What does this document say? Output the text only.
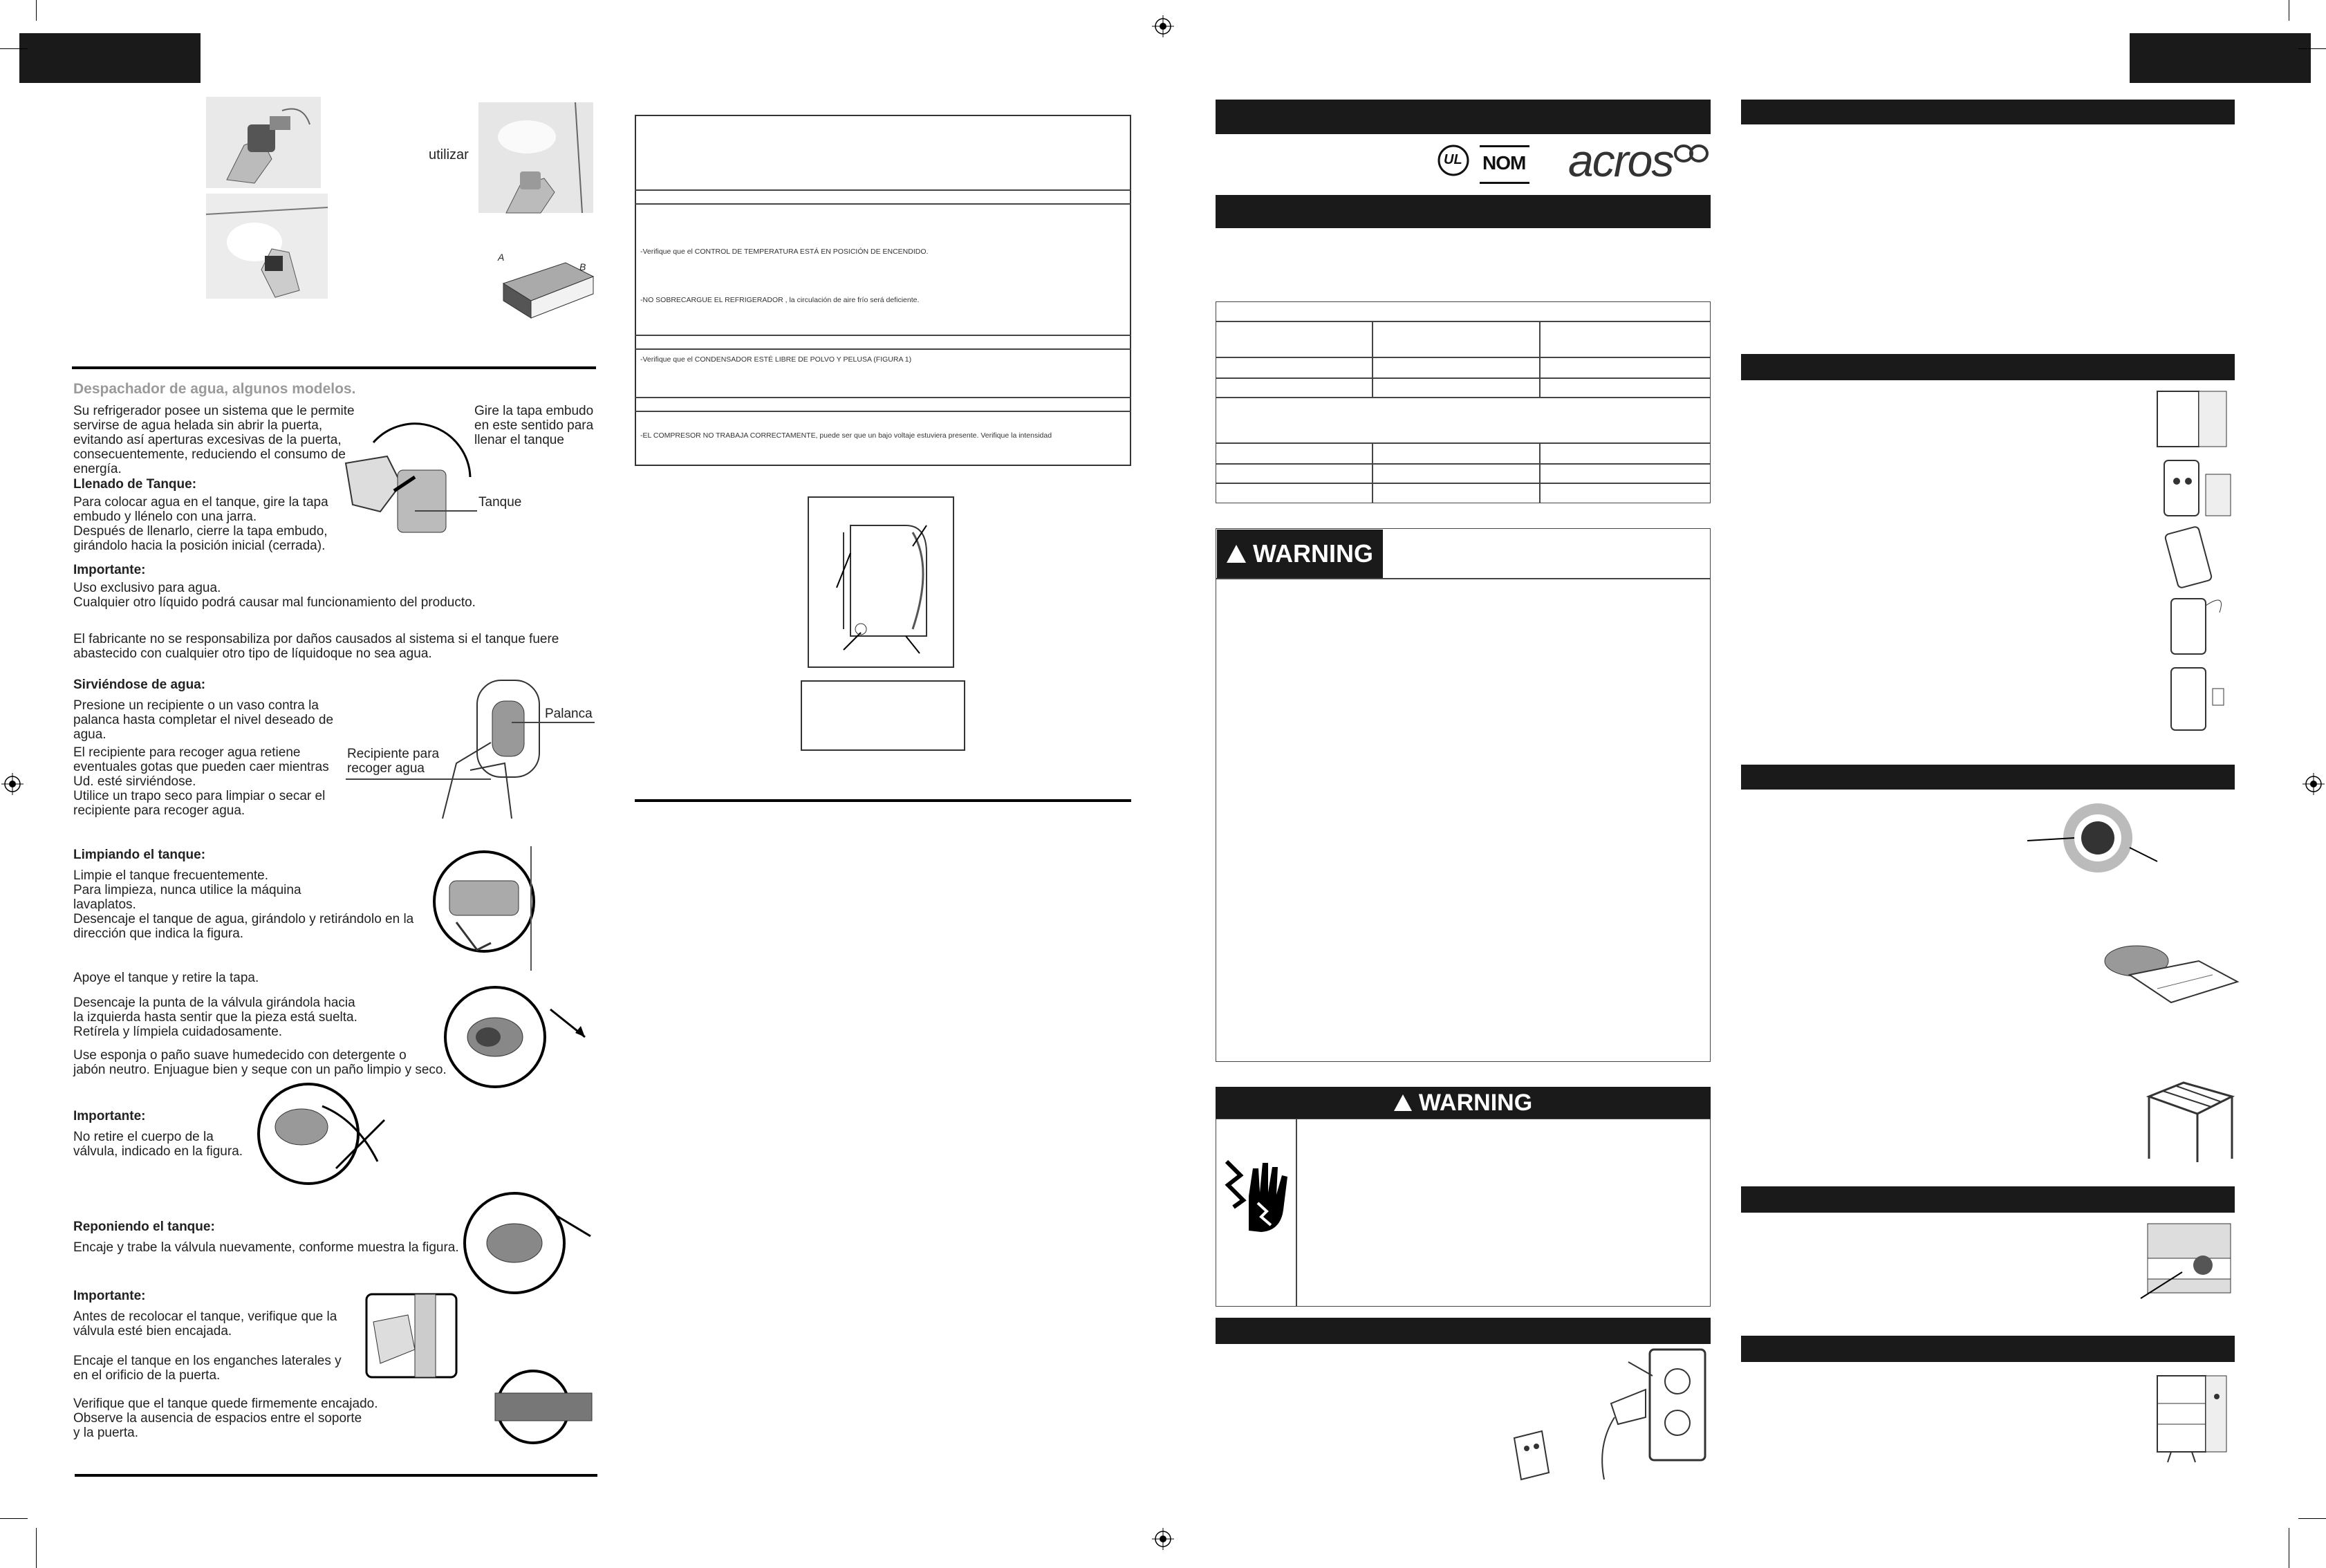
utilizar
A
B
Despachador de agua, algunos modelos.
Su refrigerador posee un sistema que le permite
servirse de agua helada sin abrir la puerta,
evitando así aperturas excesivas de la puerta,
consecuentemente, reduciendo el consumo de
energía.
Gire la tapa embudo
en este sentido para
llenar el tanque
Tanque
Llenado de Tanque:
Para colocar agua en el tanque, gire la tapa
embudo y llénelo con una jarra.
Después de llenarlo, cierre la tapa embudo,
girándolo hacia la posición inicial (cerrada).
Importante:
Uso exclusivo para agua.
Cualquier otro líquido podrá causar mal funcionamiento del producto.
El fabricante no se responsabiliza por daños causados al sistema si el tanque fuere
abastecido con cualquier otro tipo de líquidoque no sea agua.
Sirviéndose de agua:
Presione un recipiente o un vaso contra la
palanca hasta completar el nivel deseado de
agua.
Palanca
Recipiente para
recoger agua
El recipiente para recoger agua retiene
eventuales gotas que pueden caer mientras
Ud. esté sirviéndose.
Utilice un trapo seco para limpiar o secar el
recipiente para recoger agua.
Limpiando el tanque:
Limpie el tanque frecuentemente.
Para limpieza, nunca utilice la máquina
lavaplatos.
Desencaje el tanque de agua, girándolo y retirándolo en la
dirección que indica la figura.
Apoye el tanque y retire la tapa.
Desencaje la punta de la válvula girándola hacia
la izquierda hasta sentir que la pieza está suelta.
Retírela y límpiela cuidadosamente.
Use esponja o paño suave humedecido con detergente o
jabón neutro. Enjuague bien y seque con un paño limpio y seco.
Importante:
No retire el cuerpo de la
válvula, indicado en la figura.
Reponiendo el tanque:
Encaje y trabe la válvula nuevamente, conforme muestra la figura.
Importante:
Antes de recolocar el tanque, verifique que la
válvula esté bien encajada.
Encaje el tanque en los enganches laterales y
en el orificio de la puerta.
Verifique que el tanque quede firmemente encajado.
Observe la ausencia de espacios entre el soporte
y la puerta.
-Verifique que el CONTROL DE TEMPERATURA ESTÁ EN POSICIÓN DE ENCENDIDO.
-NO SOBRECARGUE EL REFRIGERADOR , la circulación de aire frío será deficiente.
-Verifique que el CONDENSADOR ESTÉ LIBRE DE POLVO Y PELUSA (FIGURA 1)
-EL COMPRESOR NO TRABAJA CORRECTAMENTE, puede ser que un bajo voltaje estuviera presente. Verifique la intensidad
UL NOM acros
WARNING
WARNING
